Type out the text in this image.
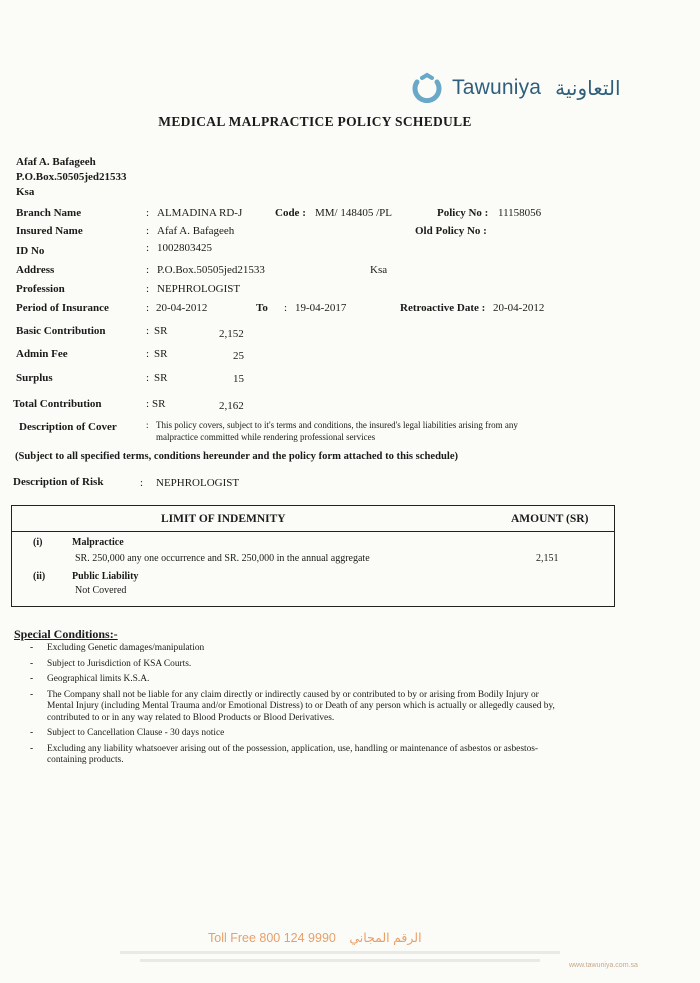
Tawuniya التعاونية
MEDICAL MALPRACTICE POLICY SCHEDULE
Afaf A. Bafageeh
P.O.Box.50505jed21533
Ksa
Branch Name	: ALMADINA RD-J	Code : MM/ 148405 /PL	Policy No : 11158056
Insured Name	: Afaf A. Bafageeh	Old Policy No :
ID No	: 1002803425
Address	: P.O.Box.50505jed21533	Ksa
Profession	: NEPHROLOGIST
Period of Insurance	: 20-04-2012	To : 19-04-2017	Retroactive Date : 20-04-2012
Basic Contribution	: SR	2,152
Admin Fee	: SR	25
Surplus	: SR	15
Total Contribution	: SR	2,162
Description of Cover	: This policy covers, subject to it's terms and conditions, the insured's legal liabilities arising from any
malpractice committed while rendering professional services
(Subject to all specified terms, conditions hereunder and the policy form attached to this schedule)
Description of Risk	: NEPHROLOGIST
LIMIT OF INDEMNITY	AMOUNT (SR)
(i)	Malpractice
SR. 250,000 any one occurrence and SR. 250,000 in the annual aggregate	2,151
(ii)	Public Liability
Not Covered
Special Conditions:-
- Excluding Genetic damages/manipulation
- Subject to Jurisdiction of KSA Courts.
- Geographical limits K.S.A.
- The Company shall not be liable for any claim directly or indirectly caused by or contributed to by or arising from Bodily Injury or
Mental Injury (including Mental Trauma and/or Emotional Distress) to or Death of any person which is actually or allegedly caused by,
contributed to or in any way related to Blood Products or Blood Derivatives.
- Subject to Cancellation Clause - 30 days notice
- Excluding any liability whatsoever arising out of the possession, application, use, handling or maintenance of asbestos or asbestos-
containing products.
Toll Free 800 124 9990 الرقم المجاني
www.tawuniya.com.sa
